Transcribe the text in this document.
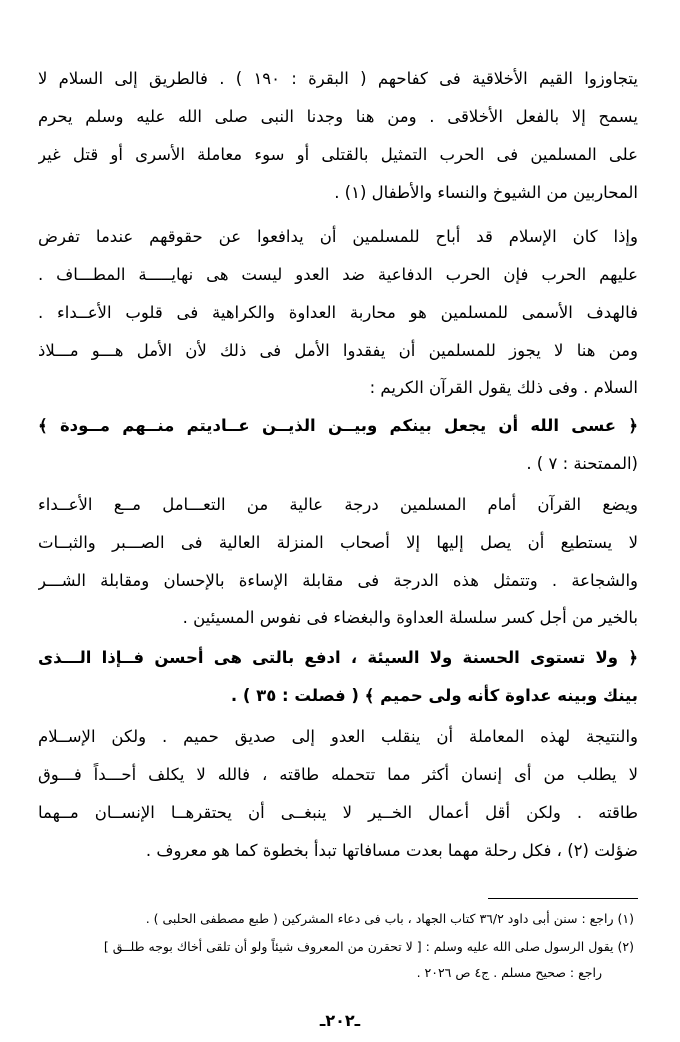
يتجاوزوا القيم الأخلاقية فى كفاحهم ( البقرة : ١٩٠ ) . فالطريق إلى السلام لا
يسمح إلا بالفعل الأخلاقى . ومن هنا وجدنا النبى صلى الله عليه وسلم يحرم
على المسلمين فى الحرب التمثيل بالقتلى أو سوء معاملة الأسرى أو قتل غير
المحاربين من الشيوخ والنساء والأطفال (١) .
وإذا كان الإسلام قد أباح للمسلمين أن يدافعوا عن حقوقهم عندما تفرض
عليهم الحرب فإن الحرب الدفاعية ضد العدو ليست هى نهايـــــة المطـــاف .
فالهدف الأسمى للمسلمين هو محاربة العداوة والكراهية فى قلوب الأعــداء .
ومن هنا لا يجوز للمسلمين أن يفقدوا الأمل فى ذلك لأن الأمل هـــو مـــلاذ
السلام . وفى ذلك يقول القرآن الكريم :
﴿ عسى الله أن يجعل بينكم وبيــن الذيــن عــاديتم منــهم مــودة ﴾
(الممتحنة : ٧ ) .
ويضع القرآن أمام المسلمين درجة عالية من التعـــامل مــع الأعــداء
لا يستطيع أن يصل إليها إلا أصحاب المنزلة العالية فى الصـــبر والثبــات
والشجاعة . وتتمثل هذه الدرجة فى مقابلة الإساءة بالإحسان ومقابلة الشـــر
بالخير من أجل كسر سلسلة العداوة والبغضاء فى نفوس المسيئين .
﴿ ولا تستوى الحسنة ولا السيئة ، ادفع بالتى هى أحسن فــإذا الـــذى
بينك وبينه عداوة كأنه ولى حميم ﴾ ( فصلت : ٣٥ ) .
والنتيجة لهذه المعاملة أن ينقلب العدو إلى صديق حميم . ولكن الإســلام
لا يطلب من أى إنسان أكثر مما تتحمله طاقته ، فالله لا يكلف أحـــداً فـــوق
طاقته . ولكن أقل أعمال الخــير لا ينبغــى أن يحتقرهــا الإنســان مــهما
ضؤلت (٢) ، فكل رحلة مهما بعدت مسافاتها تبدأ بخطوة كما هو معروف .
(١) راجع : سنن أبى داود ٣٦/٢ كتاب الجهاد ، باب فى دعاء المشركين ( طبع مصطفى الحلبى ) .
(٢) يقول الرسول صلى الله عليه وسلم : [ لا تحقرن من المعروف شيئاً ولو أن تلقى أخاك بوجه طلــق ]
راجع : صحيح مسلم . ج٤ ص ٢٠٢٦ .
ـ٢٠٢ـ
